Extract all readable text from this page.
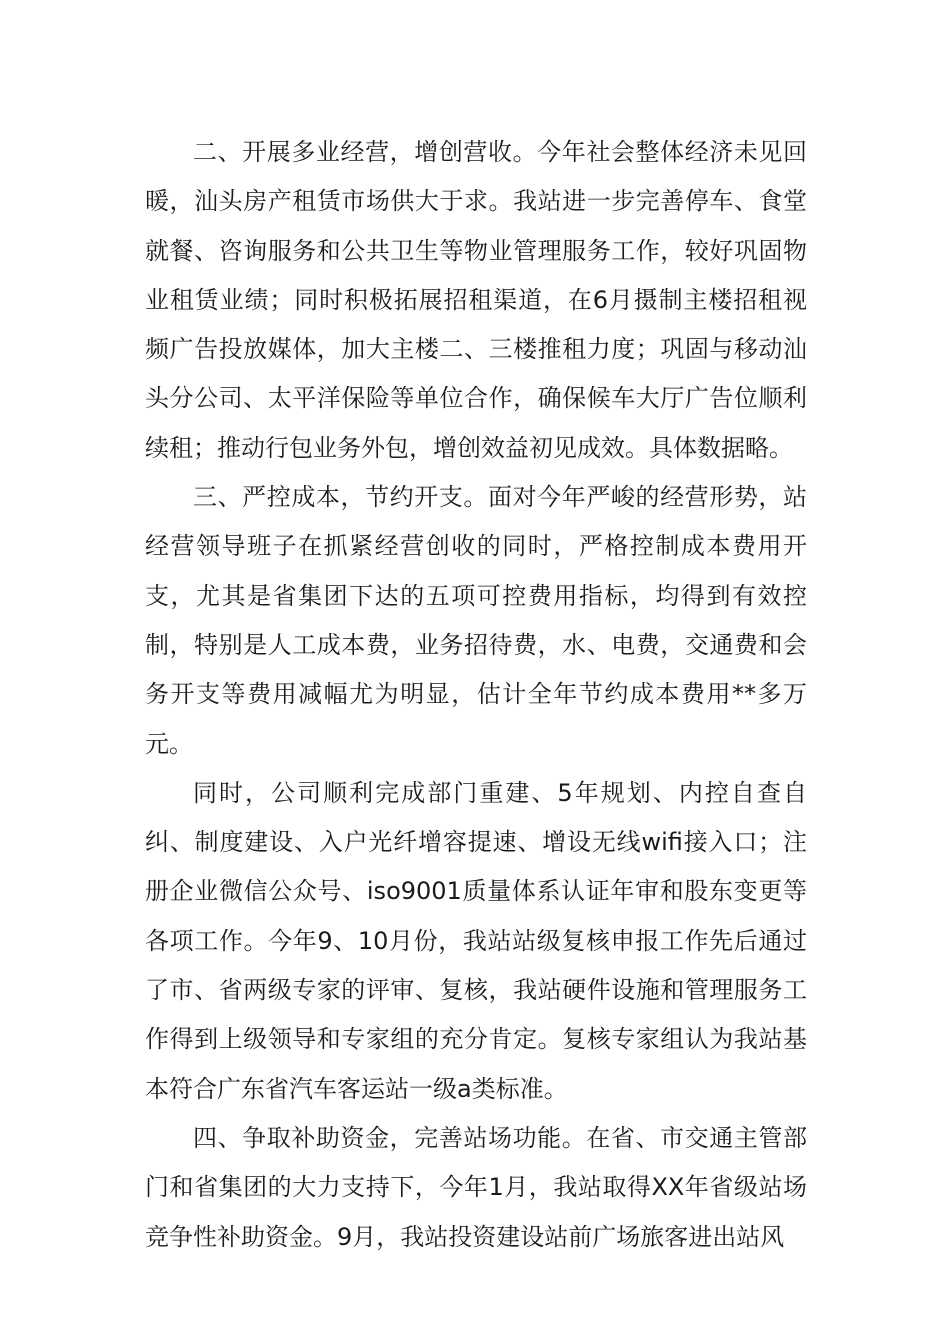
二、开展多业经营，增创营收。今年社会整体经济未见回暖，汕头房产租赁市场供大于求。我站进一步完善停车、食堂就餐、咨询服务和公共卫生等物业管理服务工作，较好巩固物业租赁业绩；同时积极拓展招租渠道，在6月摄制主楼招租视频广告投放媒体，加大主楼二、三楼推租力度；巩固与移动汕头分公司、太平洋保险等单位合作，确保候车大厅广告位顺利续租；推动行包业务外包，增创效益初见成效。具体数据略。

三、严控成本，节约开支。面对今年严峻的经营形势，站经营领导班子在抓紧经营创收的同时，严格控制成本费用开支，尤其是省集团下达的五项可控费用指标，均得到有效控制，特别是人工成本费，业务招待费，水、电费，交通费和会务开支等费用减幅尤为明显，估计全年节约成本费用**多万元。

同时，公司顺利完成部门重建、5年规划、内控自查自纠、制度建设、入户光纤增容提速、增设无线wifi接入口；注册企业微信公众号、iso9001质量体系认证年审和股东变更等各项工作。今年9、10月份，我站站级复核申报工作先后通过了市、省两级专家的评审、复核，我站硬件设施和管理服务工作得到上级领导和专家组的充分肯定。复核专家组认为我站基本符合广东省汽车客运站一级a类标准。

四、争取补助资金，完善站场功能。在省、市交通主管部门和省集团的大力支持下，今年1月，我站取得XX年省级站场竞争性补助资金。9月，我站投资建设站前广场旅客进出站风
